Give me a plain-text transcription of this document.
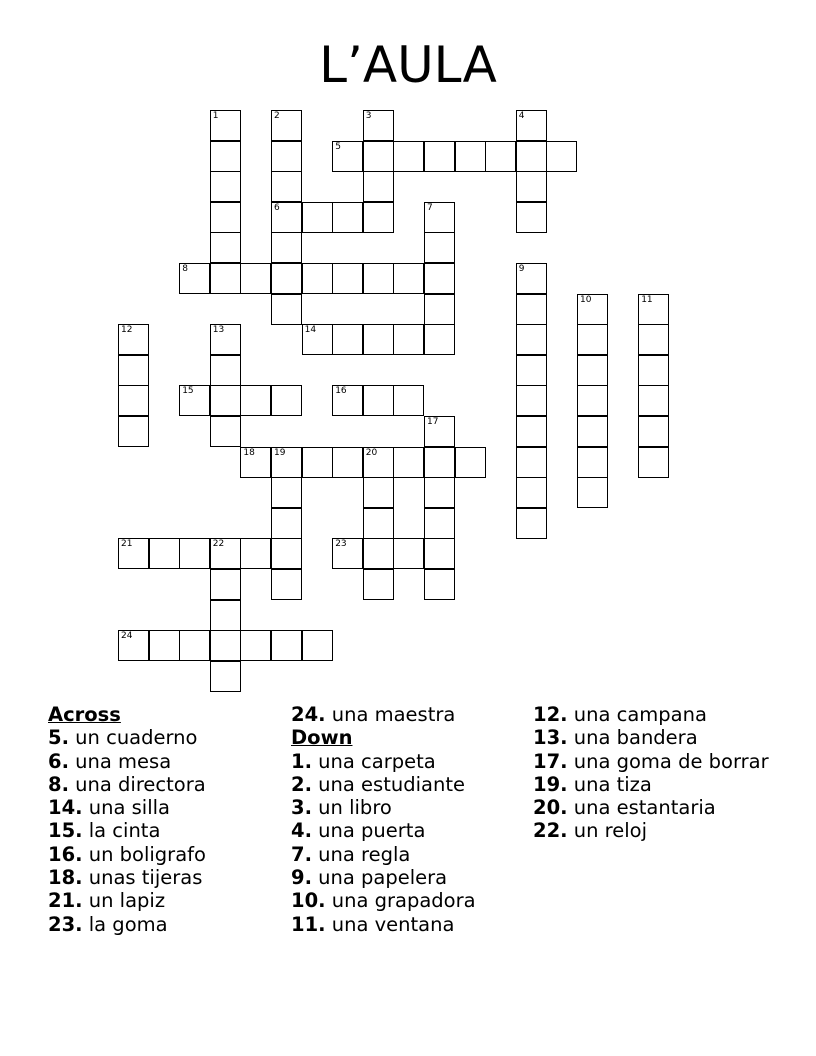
L’AULA
1	2
6
3	4
5
7
8	9
10	11
12	13	14
15	16
17
18 19	20
21	22	23
24
Across
5. un cuaderno
6. una mesa
8. una directora
14. una silla
15. la cinta
16. un boligrafo
18. unas tijeras
21. un lapiz
23. la goma
24. una maestra
Down
1. una carpeta
2. una estudiante
3. un libro
4. una puerta
7. una regla
9. una papelera
10. una grapadora
11. una ventana
12. una campana
13. una bandera
17. una goma de borrar
19. una tiza
20. una estantaria
22. un reloj
